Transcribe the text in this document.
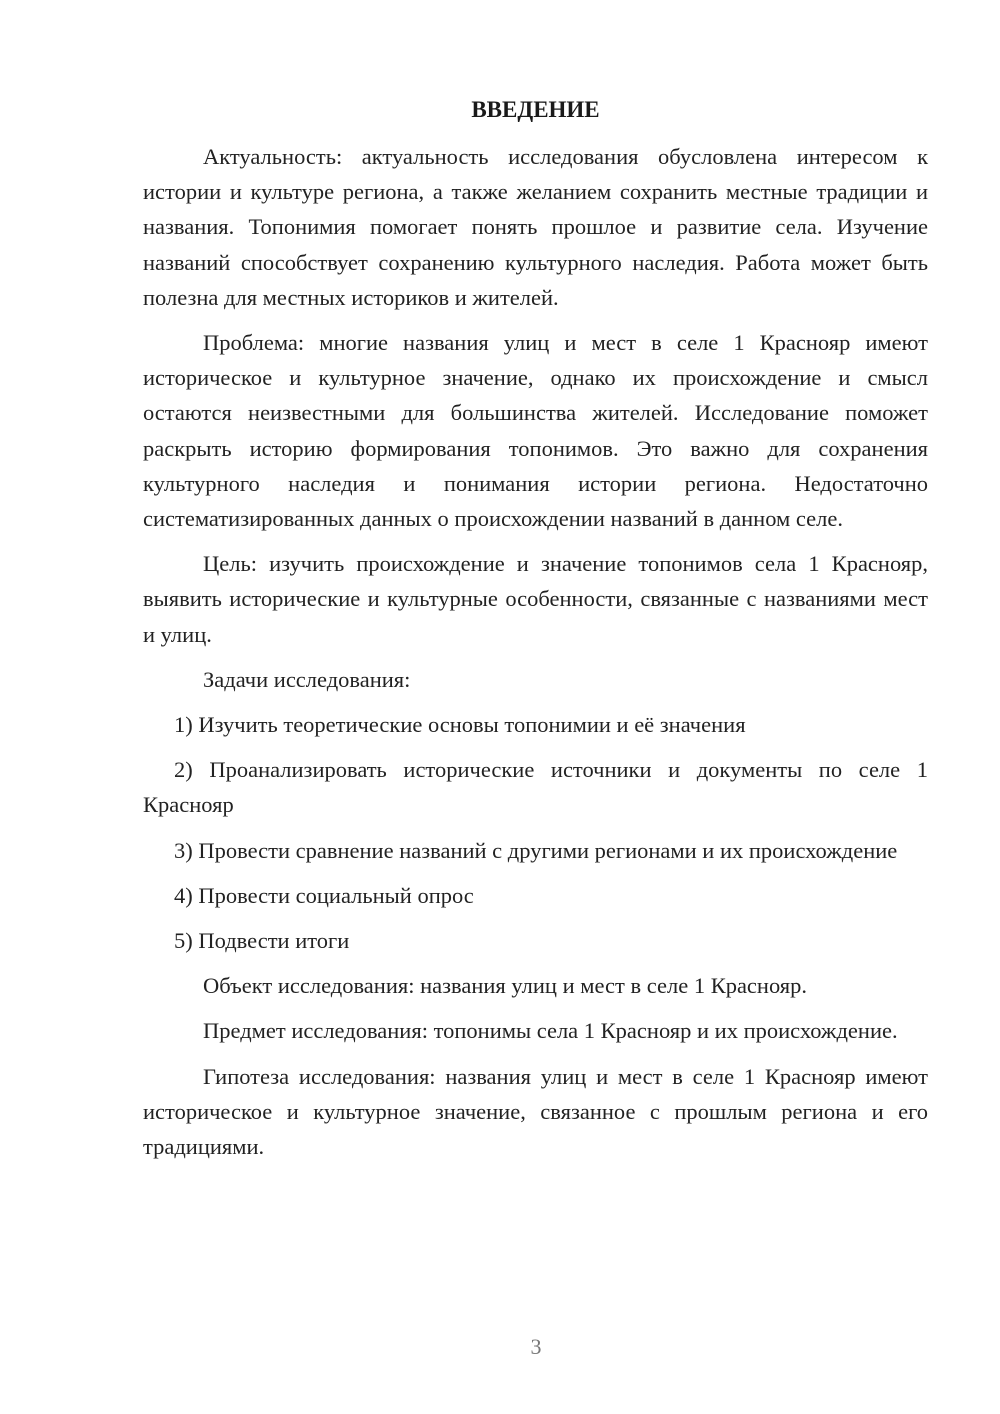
ВВЕДЕНИЕ

Актуальность: актуальность исследования обусловлена интересом к истории и культуре региона, а также желанием сохранить местные традиции и названия. Топонимия помогает понять прошлое и развитие села. Изучение названий способствует сохранению культурного наследия. Работа может быть полезна для местных историков и жителей.

Проблема: многие названия улиц и мест в селе 1 Краснояр имеют историческое и культурное значение, однако их происхождение и смысл остаются неизвестными для большинства жителей. Исследование поможет раскрыть историю формирования топонимов. Это важно для сохранения культурного наследия и понимания истории региона. Недостаточно систематизированных данных о происхождении названий в данном селе.

Цель: изучить происхождение и значение топонимов села 1 Краснояр, выявить исторические и культурные особенности, связанные с названиями мест и улиц.

Задачи исследования:

1) Изучить теоретические основы топонимии и её значения

2) Проанализировать исторические источники и документы по селе 1 Краснояр

3) Провести сравнение названий с другими регионами и их происхождение

4) Провести социальный опрос

5) Подвести итоги

Объект исследования: названия улиц и мест в селе 1 Краснояр.

Предмет исследования: топонимы села 1 Краснояр и их происхождение.

Гипотеза исследования: названия улиц и мест в селе 1 Краснояр имеют историческое и культурное значение, связанное с прошлым региона и его традициями.

3
